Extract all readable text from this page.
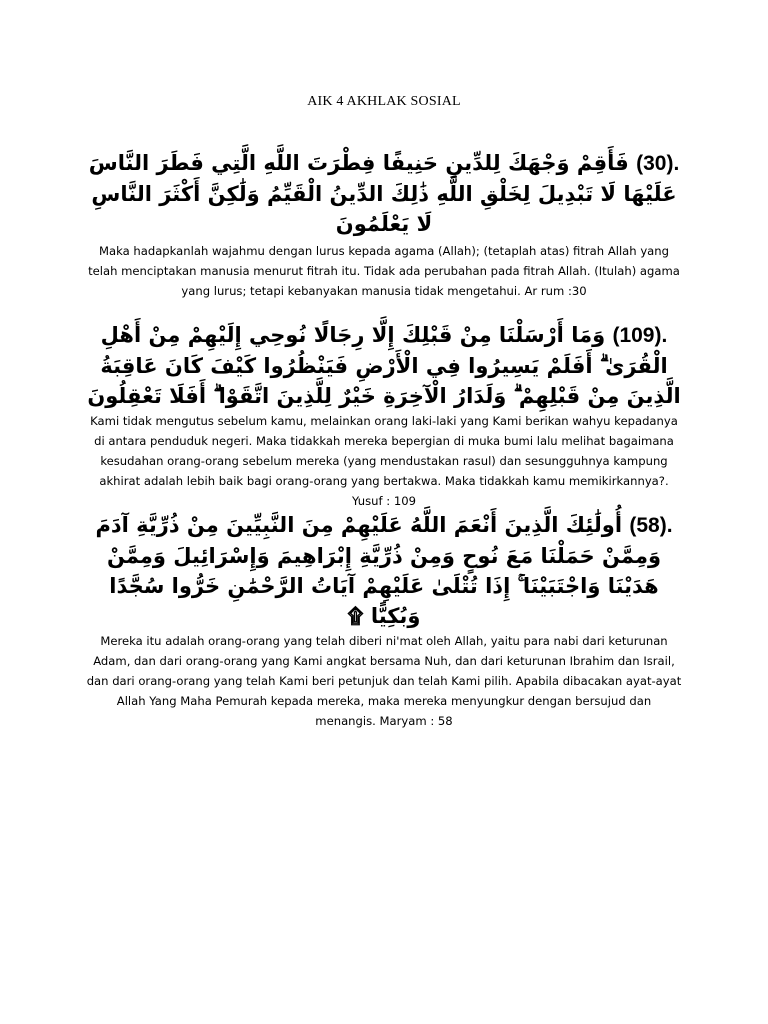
AIK 4 AKHLAK SOSIAL
(30). فَأَقِمْ وَجْهَكَ لِلدِّينِ حَنِيفًا فِطْرَتَ اللَّهِ الَّتِي فَطَرَ النَّاسَ عَلَيْهَا لَا تَبْدِيلَ لِخَلْقِ اللَّهِ ذَٰلِكَ الدِّينُ الْقَيِّمُ وَلَٰكِنَّ أَكْثَرَ النَّاسِ لَا يَعْلَمُونَ

Maka hadapkanlah wajahmu dengan lurus kepada agama (Allah); (tetaplah atas) fitrah Allah yang telah menciptakan manusia menurut fitrah itu. Tidak ada perubahan pada fitrah Allah. (Itulah) agama yang lurus; tetapi kebanyakan manusia tidak mengetahui. Ar rum :30

(109). وَمَا أَرْسَلْنَا مِنْ قَبْلِكَ إِلَّا رِجَالًا نُوحِي إِلَيْهِمْ مِنْ أَهْلِ الْقُرَىٰ ۗ أَفَلَمْ يَسِيرُوا فِي الْأَرْضِ فَيَنْظُرُوا كَيْفَ كَانَ عَاقِبَةُ الَّذِينَ مِنْ قَبْلِهِمْ ۗ وَلَدَارُ الْآخِرَةِ خَيْرٌ لِلَّذِينَ اتَّقَوْا ۗ أَفَلَا تَعْقِلُونَ

Kami tidak mengutus sebelum kamu, melainkan orang laki-laki yang Kami berikan wahyu kepadanya di antara penduduk negeri. Maka tidakkah mereka bepergian di muka bumi lalu melihat bagaimana kesudahan orang-orang sebelum mereka (yang mendustakan rasul) dan sesungguhnya kampung akhirat adalah lebih baik bagi orang-orang yang bertakwa. Maka tidakkah kamu memikirkannya?. Yusuf : 109

(58). أُولَٰئِكَ الَّذِينَ أَنْعَمَ اللَّهُ عَلَيْهِمْ مِنَ النَّبِيِّينَ مِنْ ذُرِّيَّةِ آدَمَ وَمِمَّنْ حَمَلْنَا مَعَ نُوحٍ وَمِنْ ذُرِّيَّةِ إِبْرَاهِيمَ وَإِسْرَائِيلَ وَمِمَّنْ هَدَيْنَا وَاجْتَبَيْنَا ۚ إِذَا تُتْلَىٰ عَلَيْهِمْ آيَاتُ الرَّحْمَٰنِ خَرُّوا سُجَّدًا وَبُكِيًّا ۩

Mereka itu adalah orang-orang yang telah diberi ni'mat oleh Allah, yaitu para nabi dari keturunan Adam, dan dari orang-orang yang Kami angkat bersama Nuh, dan dari keturunan Ibrahim dan Israil, dan dari orang-orang yang telah Kami beri petunjuk dan telah Kami pilih. Apabila dibacakan ayat-ayat Allah Yang Maha Pemurah kepada mereka, maka mereka menyungkur dengan bersujud dan menangis. Maryam : 58
